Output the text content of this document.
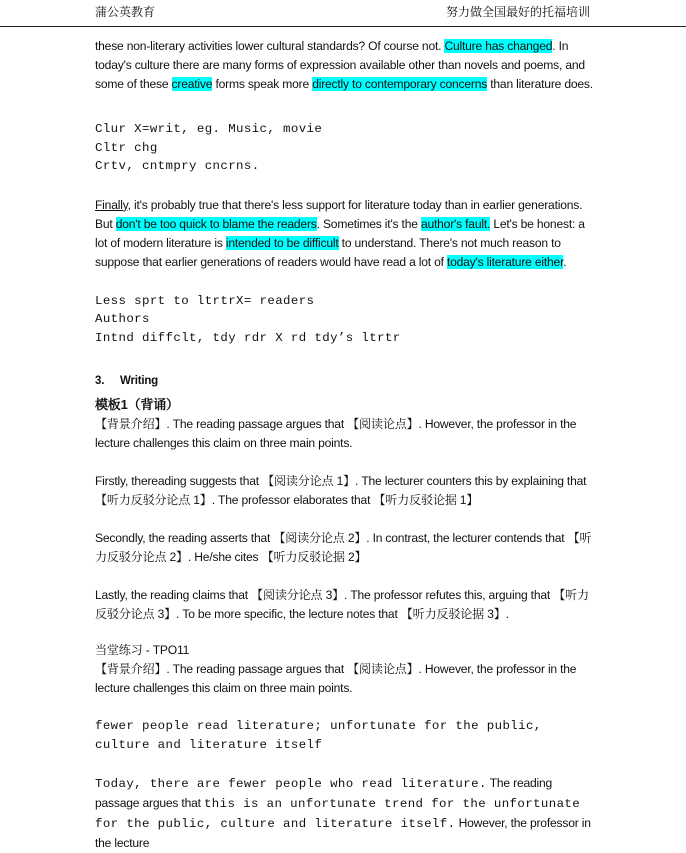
蒲公英教育	努力做全国最好的托福培训

these non-literary activities lower cultural standards? Of course not. Culture has changed. In today's culture there are many forms of expression available other than novels and poems, and some of these creative forms speak more directly to contemporary concerns than literature does.

Clur X=writ, eg. Music, movie
Cltr chg
Crtv, cntmpry cncrns.

Finally, it's probably true that there's less support for literature today than in earlier generations. But don't be too quick to blame the readers. Sometimes it's the author's fault. Let's be honest: a lot of modern literature is intended to be difficult to understand. There's not much reason to suppose that earlier generations of readers would have read a lot of today's literature either.

Less sprt to ltrtrX= readers
Authors
Intnd diffclt, tdy rdr X rd tdy’s ltrtr

3. Writing

模板1（背诵）

【背景介绍】. The reading passage argues that 【阅读论点】. However, the professor in the lecture challenges this claim on three main points.

Firstly, thereading suggests that 【阅读分论点 1】. The lecturer counters this by explaining that 【听力反驳分论点 1】. The professor elaborates that 【听力反驳论据 1】

Secondly, the reading asserts that 【阅读分论点 2】. In contrast, the lecturer contends that 【听力反驳分论点 2】. He/she cites 【听力反驳论据 2】

Lastly, the reading claims that 【阅读分论点 3】. The professor refutes this, arguing that 【听力反驳分论点 3】. To be more specific, the lecture notes that 【听力反驳论据 3】.

当堂练习 - TPO11

【背景介绍】. The reading passage argues that 【阅读论点】. However, the professor in the lecture challenges this claim on three main points.

fewer people read literature; unfortunate for the public, culture and literature itself

Today, there are fewer people who read literature. The reading passage argues that this is an unfortunate trend for the unfortunate for the public, culture and literature itself. However, the professor in the lecture
